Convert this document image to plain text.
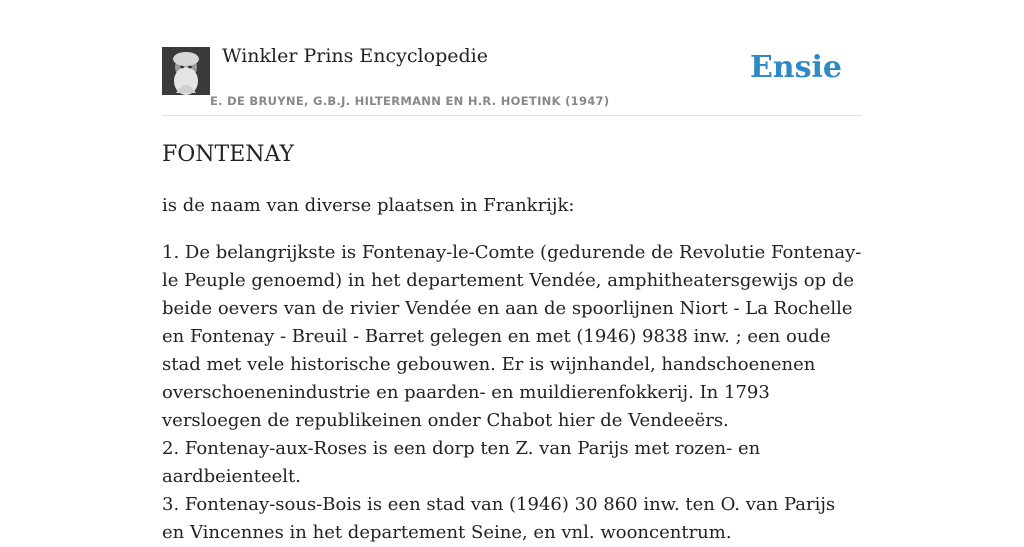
Winkler Prins Encyclopedie
E. DE BRUYNE, G.B.J. HILTERMANN EN H.R. HOETINK (1947)
Ensie
FONTENAY

is de naam van diverse plaatsen in Frankrijk:

1. De belangrijkste is Fontenay-le-Comte (gedurende de Revolutie Fontenay-le Peuple genoemd) in het departement Vendée, amphitheatersgewijs op de beide oevers van de rivier Vendée en aan de spoorlijnen Niort - La Rochelle en Fontenay - Breuil - Barret gelegen en met (1946) 9838 inw. ; een oude stad met vele historische gebouwen. Er is wijnhandel, handschoenenen overschoenenindustrie en paarden- en muildierenfokkerij. In 1793 versloegen de republikeinen onder Chabot hier de Vendeeërs.
2. Fontenay-aux-Roses is een dorp ten Z. van Parijs met rozen- en aardbeienteelt.
3. Fontenay-sous-Bois is een stad van (1946) 30 860 inw. ten O. van Parijs en Vincennes in het departement Seine, en vnl. wooncentrum.
